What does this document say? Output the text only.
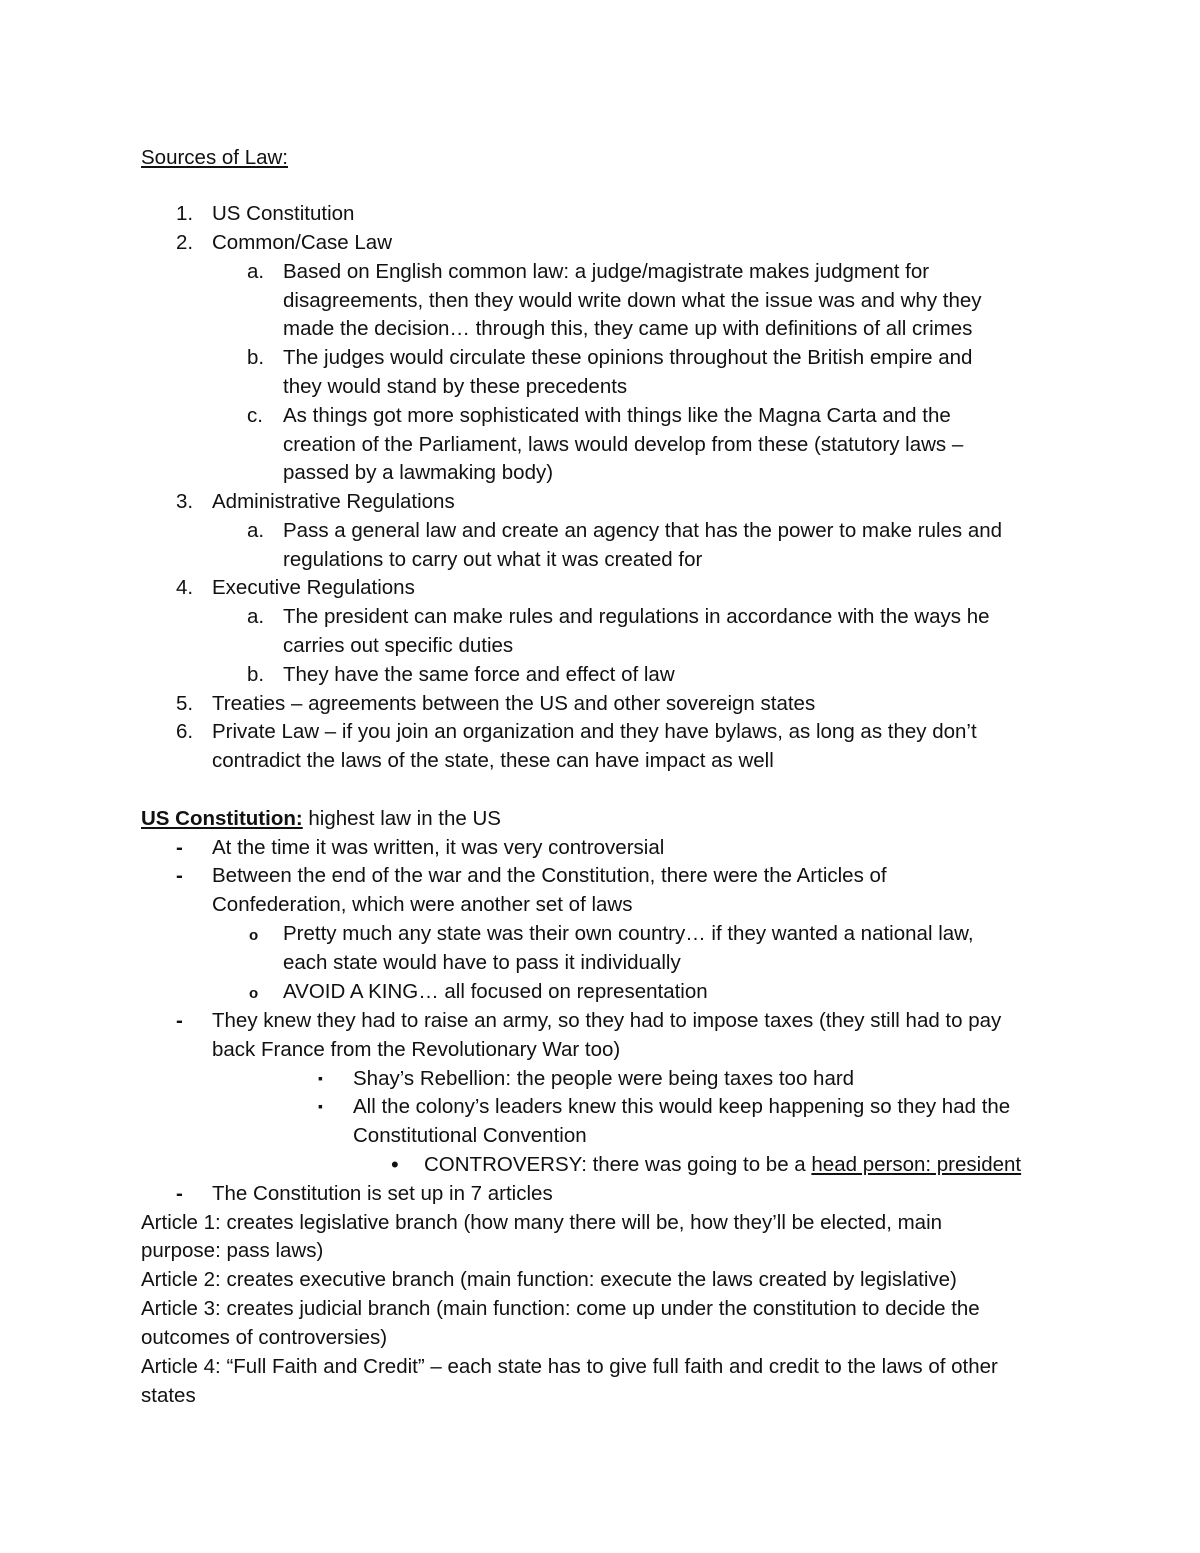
Sources of Law:
1. US Constitution
2. Common/Case Law
a. Based on English common law: a judge/magistrate makes judgment for
disagreements, then they would write down what the issue was and why they
made the decision… through this, they came up with definitions of all crimes
b. The judges would circulate these opinions throughout the British empire and
they would stand by these precedents
c. As things got more sophisticated with things like the Magna Carta and the
creation of the Parliament, laws would develop from these (statutory laws –
passed by a lawmaking body)
3. Administrative Regulations
a. Pass a general law and create an agency that has the power to make rules and
regulations to carry out what it was created for
4. Executive Regulations
a. The president can make rules and regulations in accordance with the ways he
carries out specific duties
b. They have the same force and effect of law
5. Treaties – agreements between the US and other sovereign states
6. Private Law – if you join an organization and they have bylaws, as long as they don’t
contradict the laws of the state, these can have impact as well
US Constitution: highest law in the US
- At the time it was written, it was very controversial
- Between the end of the war and the Constitution, there were the Articles of
Confederation, which were another set of laws
o Pretty much any state was their own country… if they wanted a national law,
each state would have to pass it individually
o AVOID A KING… all focused on representation
- They knew they had to raise an army, so they had to impose taxes (they still had to pay
back France from the Revolutionary War too)
▪ Shay’s Rebellion: the people were being taxes too hard
▪ All the colony’s leaders knew this would keep happening so they had the
Constitutional Convention
• CONTROVERSY: there was going to be a head person: president
- The Constitution is set up in 7 articles
Article 1: creates legislative branch (how many there will be, how they’ll be elected, main
purpose: pass laws)
Article 2: creates executive branch (main function: execute the laws created by legislative)
Article 3: creates judicial branch (main function: come up under the constitution to decide the
outcomes of controversies)
Article 4: “Full Faith and Credit” – each state has to give full faith and credit to the laws of other
states
